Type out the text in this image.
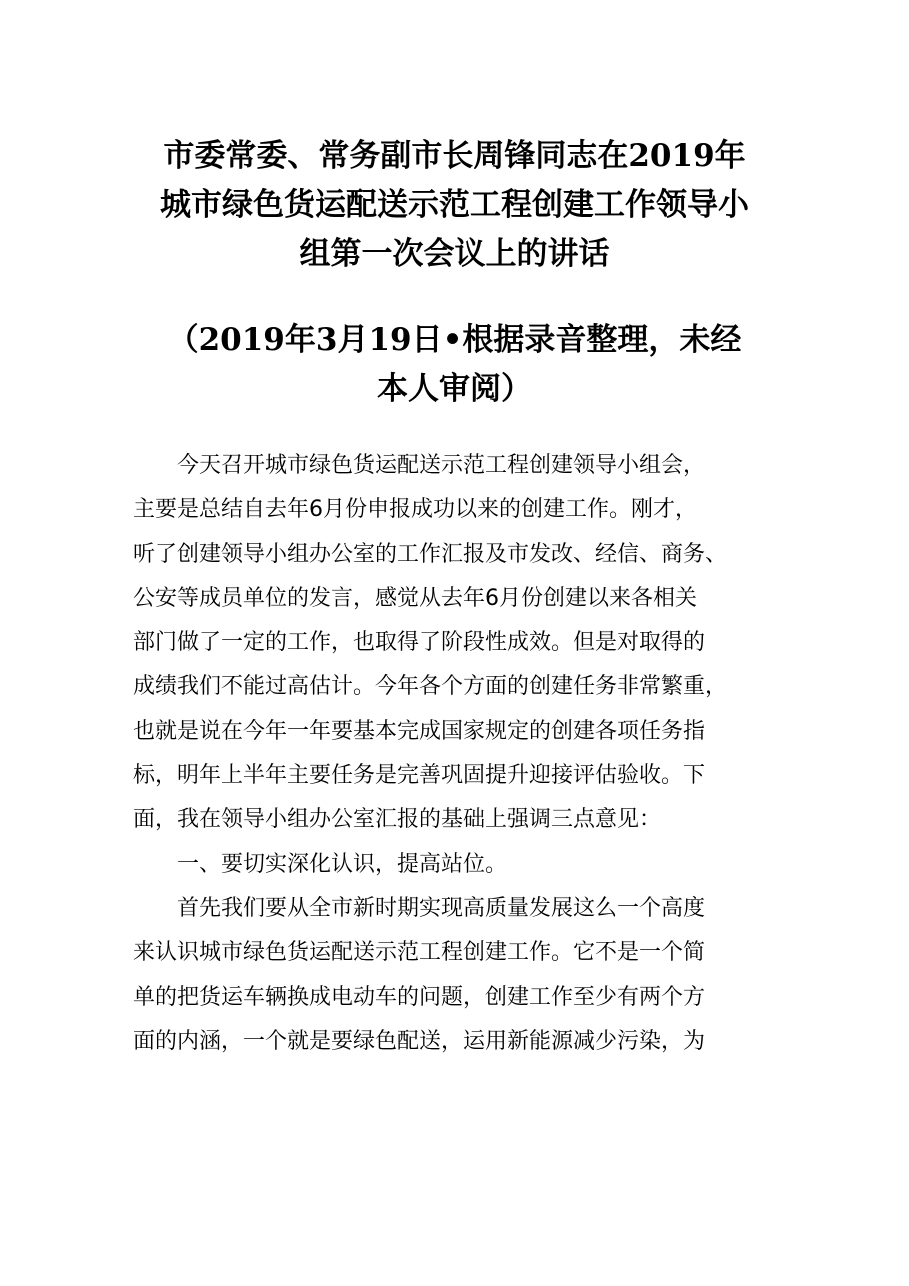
市委常委、常务副市长周锋同志在2019年
城市绿色货运配送示范工程创建工作领导小
组第一次会议上的讲话
（2019年3月19日•根据录音整理，未经
本人审阅）
今天召开城市绿色货运配送示范工程创建领导小组会，
主要是总结自去年6月份申报成功以来的创建工作。刚才，
听了创建领导小组办公室的工作汇报及市发改、经信、商务、
公安等成员单位的发言，感觉从去年6月份创建以来各相关
部门做了一定的工作，也取得了阶段性成效。但是对取得的
成绩我们不能过高估计。今年各个方面的创建任务非常繁重，
也就是说在今年一年要基本完成国家规定的创建各项任务指
标，明年上半年主要任务是完善巩固提升迎接评估验收。下
面，我在领导小组办公室汇报的基础上强调三点意见：
一、要切实深化认识，提高站位。
首先我们要从全市新时期实现高质量发展这么一个高度
来认识城市绿色货运配送示范工程创建工作。它不是一个简
单的把货运车辆换成电动车的问题，创建工作至少有两个方
面的内涵，一个就是要绿色配送，运用新能源减少污染，为
